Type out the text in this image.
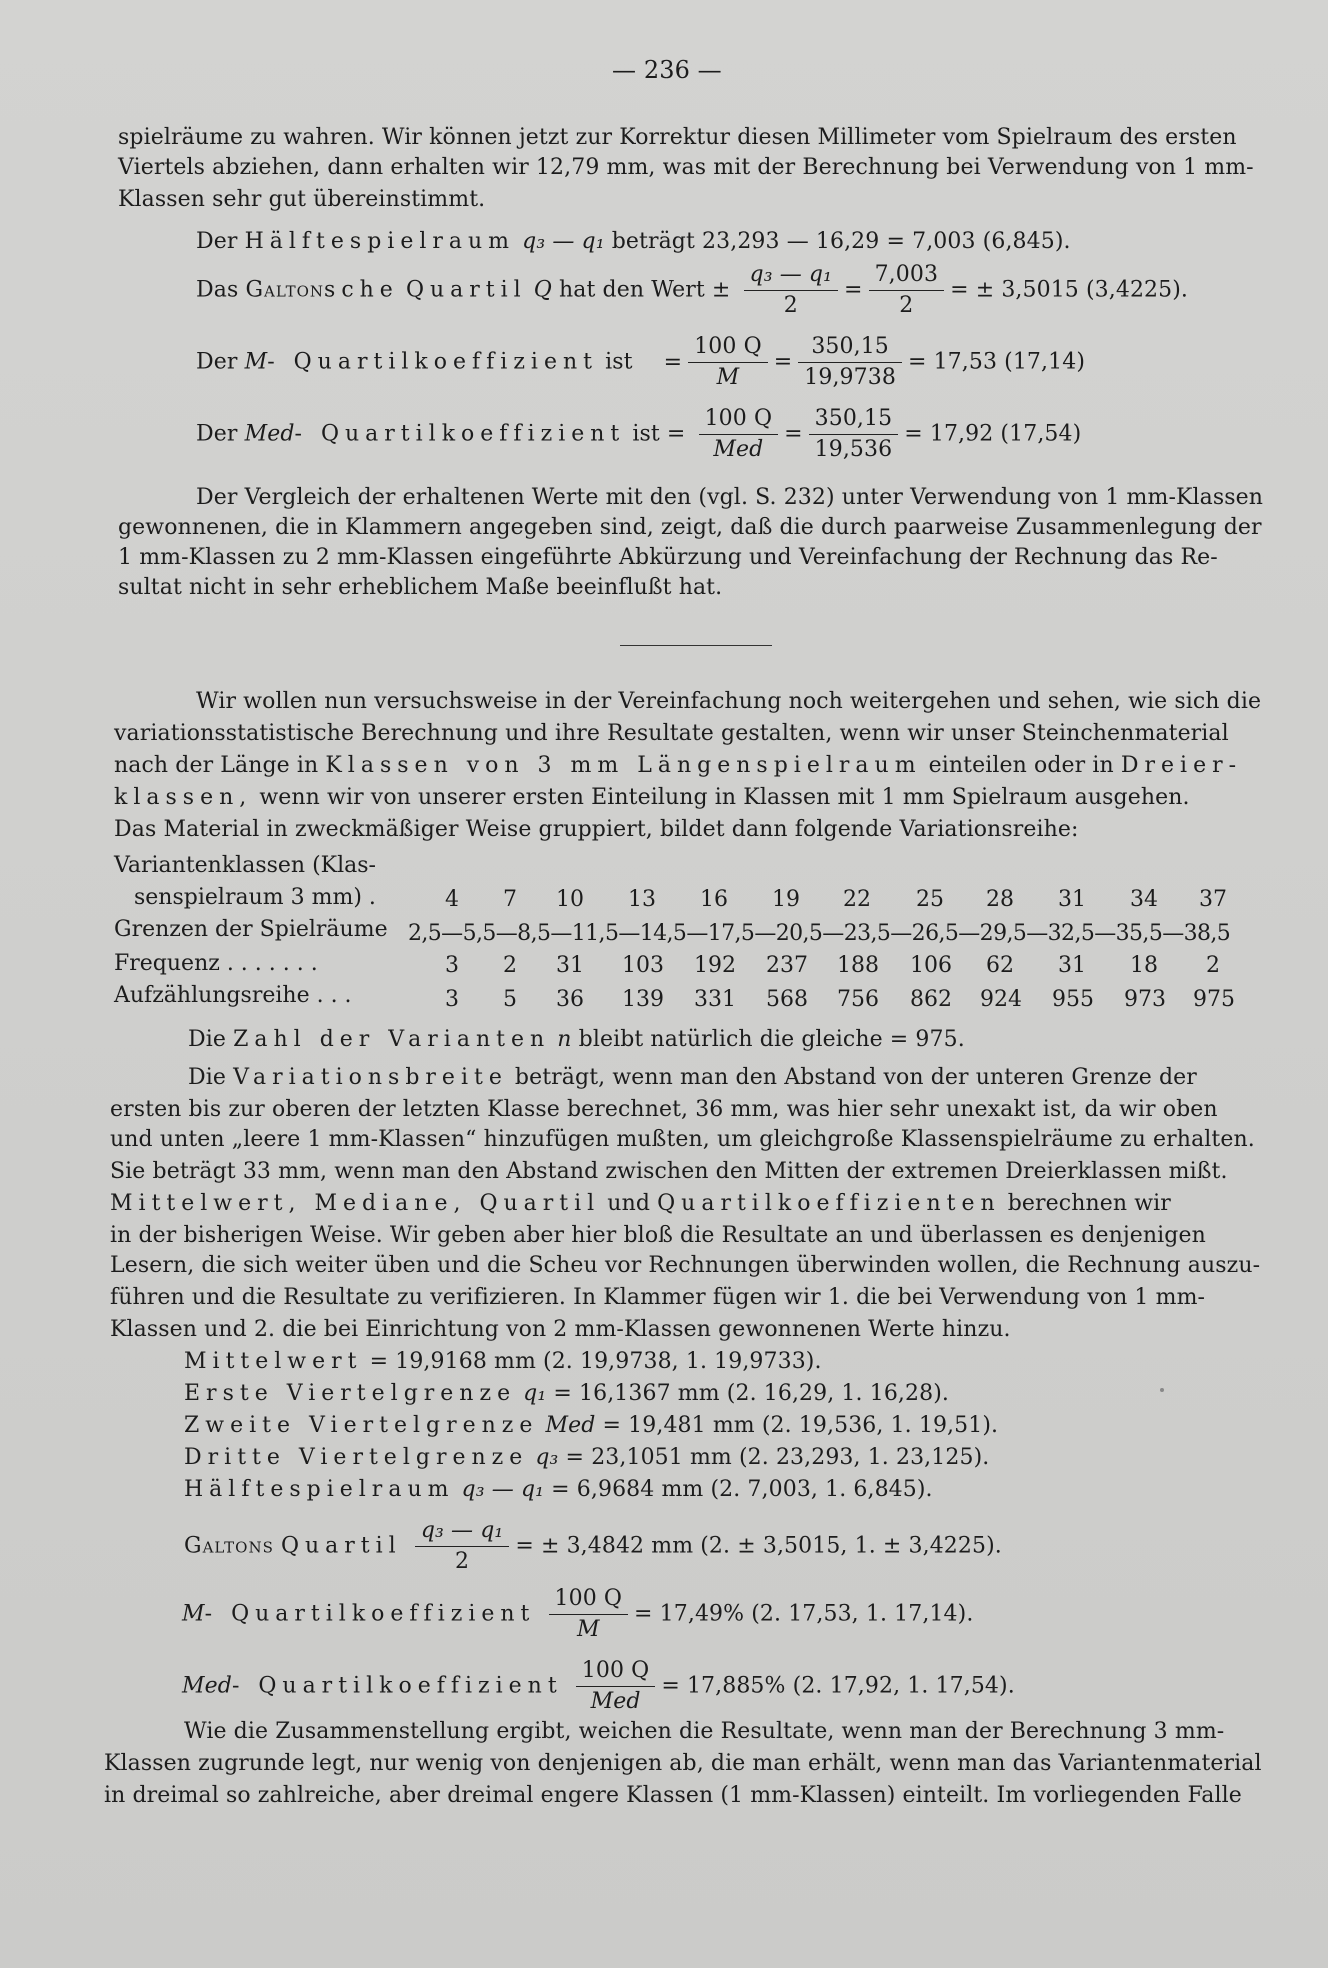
— 236 —
spielräume zu wahren. Wir können jetzt zur Korrektur diesen Millimeter vom Spielraum des ersten
Viertels abziehen, dann erhalten wir 12,79 mm, was mit der Berechnung bei Verwendung von 1 mm-
Klassen sehr gut übereinstimmt.
Der Hälftespielraum q₃ — q₁ beträgt 23,293 — 16,29 = 7,003 (6,845).
Das Galtonsche Quartil Q hat den Wert ± $\frac{\text{q₃ — q₁}}{2} = \frac{7,003}{2}$ = ± 3,5015 (3,4225).
Der M- Quartilkoeffizient ist = $\frac{100 Q}{M} = \frac{350,15}{19,9738} = 17,53$ (17,14)
Der Med- Quartilkoeffizient ist = $\frac{100 Q}{\text{Med}} = \frac{350,15}{19,536} = 17,92$ (17,54)
Der Vergleich der erhaltenen Werte mit den (vgl. S. 232) unter Verwendung von 1 mm-Klassen
gewonnenen, die in Klammern angegeben sind, zeigt, daß die durch paarweise Zusammenlegung der
1 mm-Klassen zu 2 mm-Klassen eingeführte Abkürzung und Vereinfachung der Rechnung das Re-
sultat nicht in sehr erheblichem Maße beeinflußt hat.
Wir wollen nun versuchsweise in der Vereinfachung noch weitergehen und sehen, wie sich die
variationsstatistische Berechnung und ihre Resultate gestalten, wenn wir unser Steinchenmaterial
nach der Länge in Klassen von 3 mm Längenspielraum einteilen oder in Dreier-
klassen, wenn wir von unserer ersten Einteilung in Klassen mit 1 mm Spielraum ausgehen.
Das Material in zweckmäßiger Weise gruppiert, bildet dann folgende Variationsreihe:
Variantenklassen (Klas-
senspielraum 3 mm) .	4	7	10 13 16 19 22 25 28 31 34 37
Grenzen der Spielräume 2,5—5,5—8,5—11,5—14,5—17,5—20,5—23,5—26,5—29,5—32,5—35,5—38,5
Frequenz . . . . . . .	3	2	31 103 192 237 188 106 62 31 18	2
Aufzählungsreihe . . .	3	5	36 139 331 568 756 862 924 955 973 975
Die Zahl der Varianten n bleibt natürlich die gleiche = 975.
Die Variationsbreite beträgt, wenn man den Abstand von der unteren Grenze der
ersten bis zur oberen der letzten Klasse berechnet, 36 mm, was hier sehr unexakt ist, da wir oben
und unten „leere 1 mm-Klassen“ hinzufügen mußten, um gleichgroße Klassenspielräume zu erhalten.
Sie beträgt 33 mm, wenn man den Abstand zwischen den Mitten der extremen Dreierklassen mißt.
Mittelwert, Mediane, Quartil und Quartilkoeffizienten berechnen wir
in der bisherigen Weise. Wir geben aber hier bloß die Resultate an und überlassen es denjenigen
Lesern, die sich weiter üben und die Scheu vor Rechnungen überwinden wollen, die Rechnung auszu-
führen und die Resultate zu verifizieren. In Klammer fügen wir 1. die bei Verwendung von 1 mm-
Klassen und 2. die bei Einrichtung von 2 mm-Klassen gewonnenen Werte hinzu.
Mittelwert = 19,9168 mm (2. 19,9738, 1. 19,9733).
Erste Viertelgrenze q₁ = 16,1367 mm (2. 16,29, 1. 16,28).
Zweite Viertelgrenze Med = 19,481 mm (2. 19,536, 1. 19,51).
Dritte Viertelgrenze q₃ = 23,1051 mm (2. 23,293, 1. 23,125).
Hälftespielraum q₃ — q₁ = 6,9684 mm (2. 7,003, 1. 6,845).
Galtons Quartil $\frac{\text{q₃ — q₁}}{2}$ = ± 3,4842 mm (2. ± 3,5015, 1. ± 3,4225).
M- Quartilkoeffizient $\frac{100 Q}{M} = 17,49\%$ (2. 17,53, 1. 17,14).
Med- Quartilkoeffizient $\frac{100 Q}{\text{Med}} = 17,885\%$ (2. 17,92, 1. 17,54).
Wie die Zusammenstellung ergibt, weichen die Resultate, wenn man der Berechnung 3 mm-
Klassen zugrunde legt, nur wenig von denjenigen ab, die man erhält, wenn man das Variantenmaterial
in dreimal so zahlreiche, aber dreimal engere Klassen (1 mm-Klassen) einteilt. Im vorliegenden Falle
